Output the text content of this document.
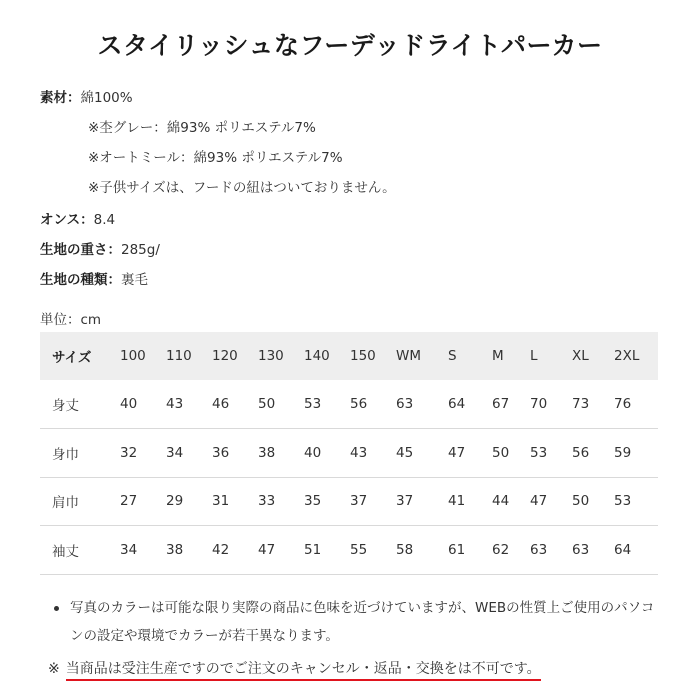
スタイリッシュなフーデッドライトパーカー
素材：綿100%
※杢グレー：綿93% ポリエステル7%
※オートミール：綿93% ポリエステル7%
※子供サイズは、フードの紐はついておりません。
オンス：8.4
生地の重さ：285g/
生地の種類：裏毛
単位：cm
サイズ	100	110	120	130	140	150	WM	S	M	L	XL	2XL
身丈	40	43	46	50	53	56	63	64	67	70	73	76
身巾	32	34	36	38	40	43	45	47	50	53	56	59
肩巾	27	29	31	33	35	37	37	41	44	47	50	53
袖丈	34	38	42	47	51	55	58	61	62	63	63	64
写真のカラーは可能な限り実際の商品に色味を近づけていますが、WEBの性質上ご使用のパソコンの設定や環境でカラーが若干異なります。
※ 当商品は受注生産ですのでご注文のキャンセル・返品・交換をは不可です。
